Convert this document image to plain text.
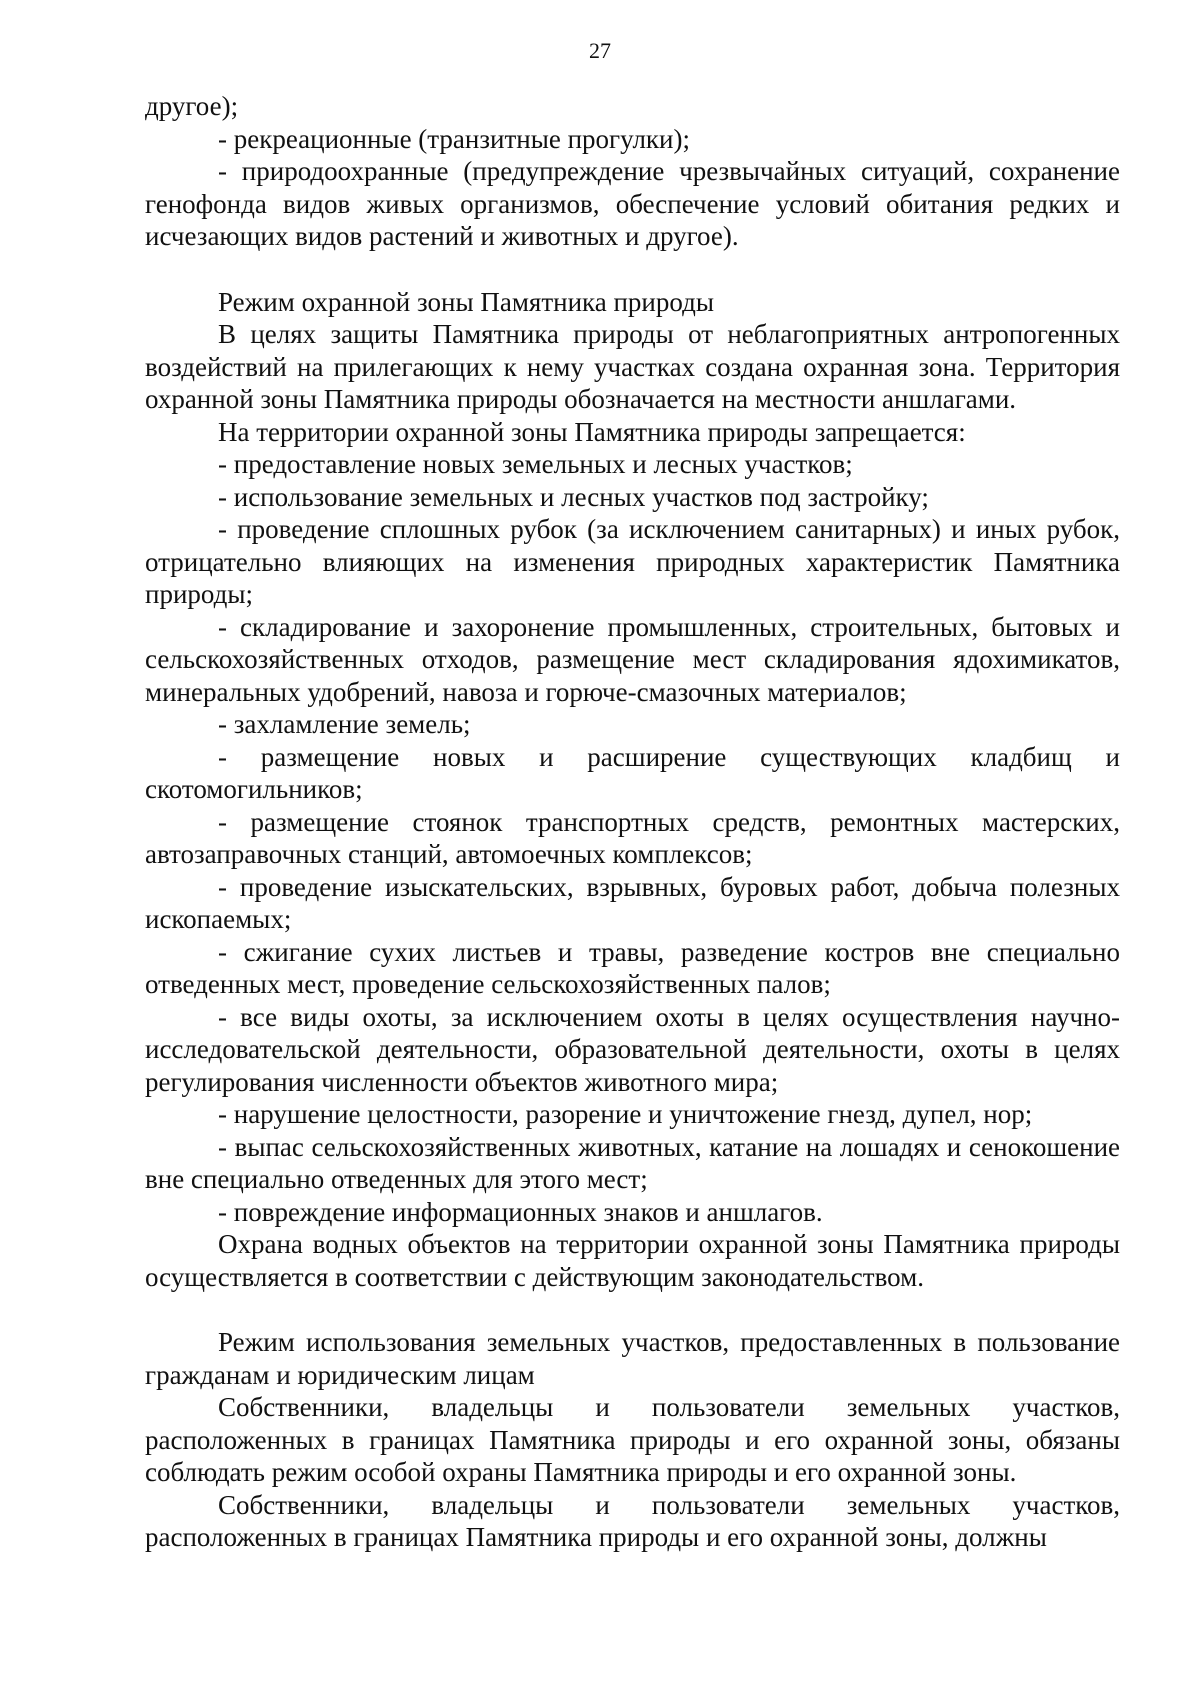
27

другое);

- рекреационные (транзитные прогулки);

- природоохранные (предупреждение чрезвычайных ситуаций, сохранение генофонда видов живых организмов, обеспечение условий обитания редких и исчезающих видов растений и животных и другое).

Режим охранной зоны Памятника природы

В целях защиты Памятника природы от неблагоприятных антропогенных воздействий на прилегающих к нему участках создана охранная зона. Территория охранной зоны Памятника природы обозначается на местности аншлагами.

На территории охранной зоны Памятника природы запрещается:

- предоставление новых земельных и лесных участков;

- использование земельных и лесных участков под застройку;

- проведение сплошных рубок (за исключением санитарных) и иных рубок, отрицательно влияющих на изменения природных характеристик Памятника природы;

- складирование и захоронение промышленных, строительных, бытовых и сельскохозяйственных отходов, размещение мест складирования ядохимикатов, минеральных удобрений, навоза и горюче-смазочных материалов;

- захламление земель;

- размещение новых и расширение существующих кладбищ и скотомогильников;

- размещение стоянок транспортных средств, ремонтных мастерских, автозаправочных станций, автомоечных комплексов;

- проведение изыскательских, взрывных, буровых работ, добыча полезных ископаемых;

- сжигание сухих листьев и травы, разведение костров вне специально отведенных мест, проведение сельскохозяйственных палов;

- все виды охоты, за исключением охоты в целях осуществления научно-исследовательской деятельности, образовательной деятельности, охоты в целях регулирования численности объектов животного мира;

- нарушение целостности, разорение и уничтожение гнезд, дупел, нор;

- выпас сельскохозяйственных животных, катание на лошадях и сенокошение вне специально отведенных для этого мест;

- повреждение информационных знаков и аншлагов.

Охрана водных объектов на территории охранной зоны Памятника природы осуществляется в соответствии с действующим законодательством.

Режим использования земельных участков, предоставленных в пользование гражданам и юридическим лицам

Собственники, владельцы и пользователи земельных участков, расположенных в границах Памятника природы и его охранной зоны, обязаны соблюдать режим особой охраны Памятника природы и его охранной зоны.

Собственники, владельцы и пользователи земельных участков, расположенных в границах Памятника природы и его охранной зоны, должны
